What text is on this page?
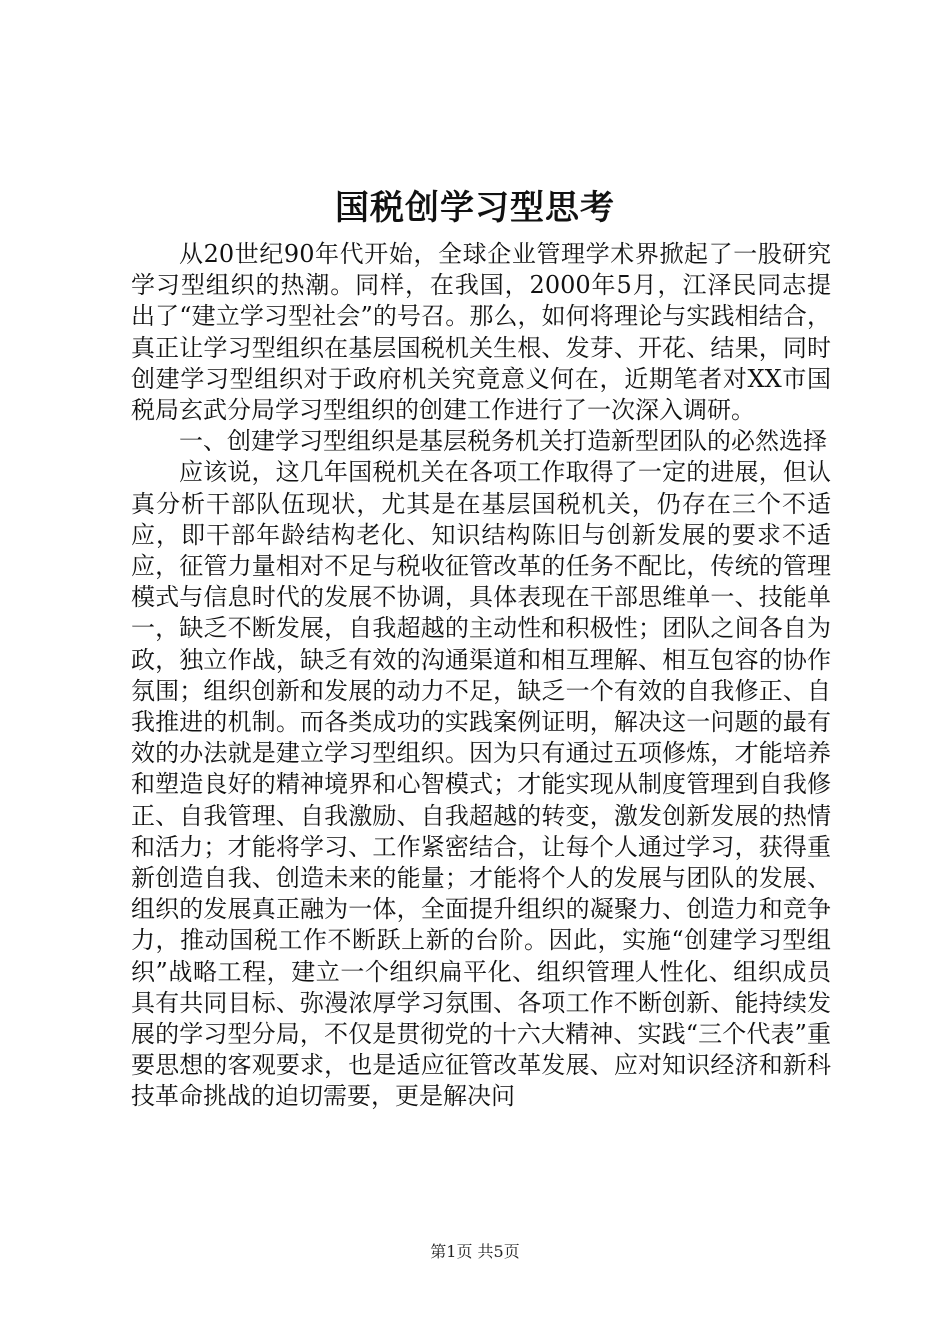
国税创学习型思考

从20世纪90年代开始，全球企业管理学术界掀起了一股研究学习型组织的热潮。同样，在我国，2000年5月，江泽民同志提出了“建立学习型社会”的号召。那么，如何将理论与实践相结合，真正让学习型组织在基层国税机关生根、发芽、开花、结果，同时创建学习型组织对于政府机关究竟意义何在，近期笔者对XX市国税局玄武分局学习型组织的创建工作进行了一次深入调研。

一、创建学习型组织是基层税务机关打造新型团队的必然选择

应该说，这几年国税机关在各项工作取得了一定的进展，但认真分析干部队伍现状，尤其是在基层国税机关，仍存在三个不适应，即干部年龄结构老化、知识结构陈旧与创新发展的要求不适应，征管力量相对不足与税收征管改革的任务不配比，传统的管理模式与信息时代的发展不协调，具体表现在干部思维单一、技能单一，缺乏不断发展，自我超越的主动性和积极性；团队之间各自为政，独立作战，缺乏有效的沟通渠道和相互理解、相互包容的协作氛围；组织创新和发展的动力不足，缺乏一个有效的自我修正、自我推进的机制。而各类成功的实践案例证明，解决这一问题的最有效的办法就是建立学习型组织。因为只有通过五项修炼，才能培养和塑造良好的精神境界和心智模式；才能实现从制度管理到自我修正、自我管理、自我激励、自我超越的转变，激发创新发展的热情和活力；才能将学习、工作紧密结合，让每个人通过学习，获得重新创造自我、创造未来的能量；才能将个人的发展与团队的发展、组织的发展真正融为一体，全面提升组织的凝聚力、创造力和竞争力，推动国税工作不断跃上新的台阶。因此，实施“创建学习型组织”战略工程，建立一个组织扁平化、组织管理人性化、组织成员具有共同目标、弥漫浓厚学习氛围、各项工作不断创新、能持续发展的学习型分局，不仅是贯彻党的十六大精神、实践“三个代表”重要思想的客观要求，也是适应征管改革发展、应对知识经济和新科技革命挑战的迫切需要，更是解决问

第1页 共5页
